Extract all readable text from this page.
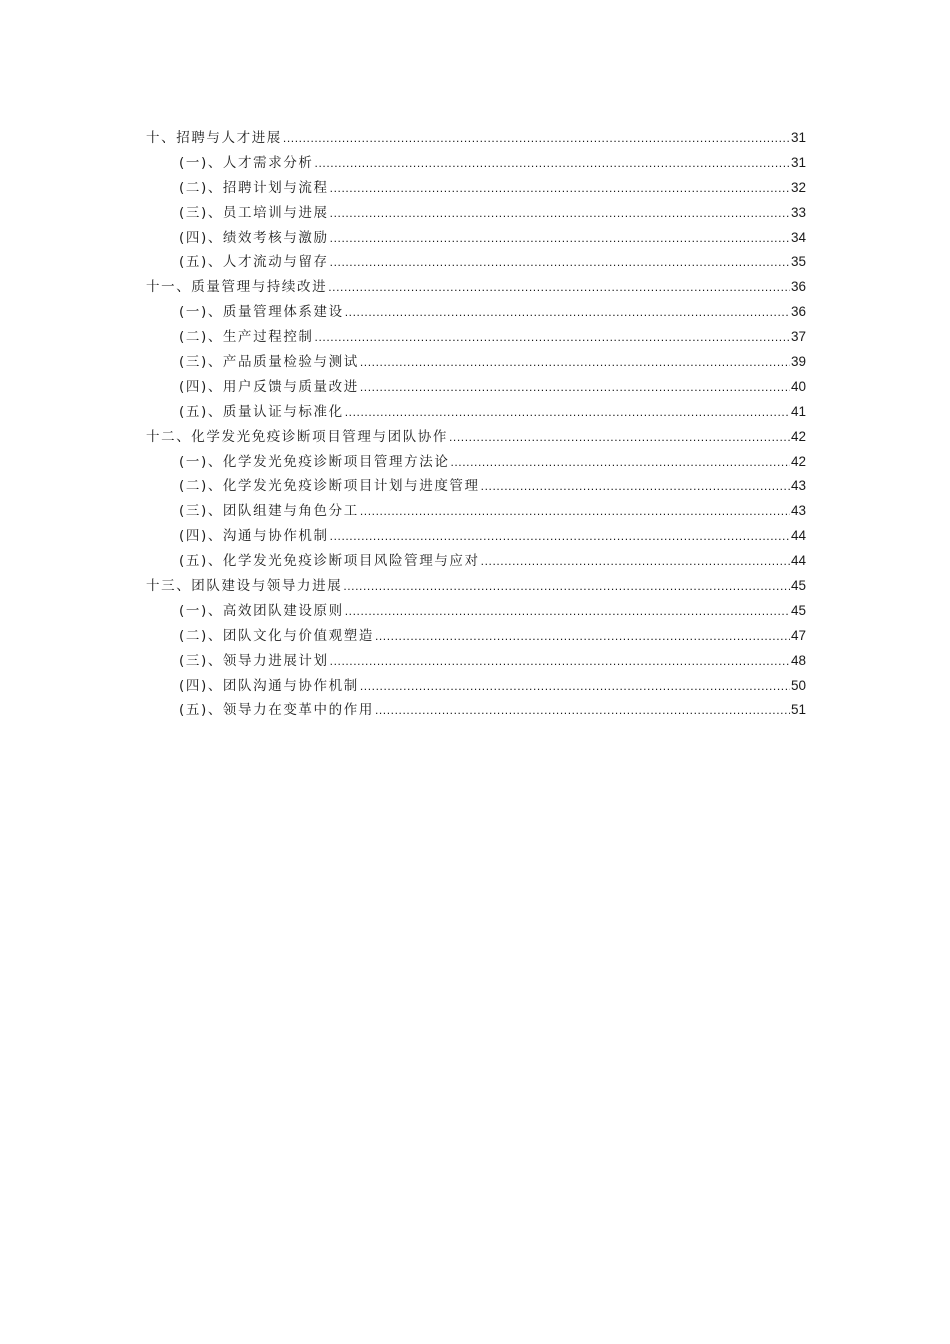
十、招聘与人才进展 .....	31
(一)、人才需求分析 .....	31
(二)、招聘计划与流程 .....	32
(三)、员工培训与进展 .....	33
(四)、绩效考核与激励 .....	34
(五)、人才流动与留存 .....	35
十一、质量管理与持续改进 .....	36
(一)、质量管理体系建设 .....	36
(二)、生产过程控制 .....	37
(三)、产品质量检验与测试 .....	39
(四)、用户反馈与质量改进 .....	40
(五)、质量认证与标准化 .....	41
十二、化学发光免疫诊断项目管理与团队协作 .....	42
(一)、化学发光免疫诊断项目管理方法论 .....	42
(二)、化学发光免疫诊断项目计划与进度管理 .....	43
(三)、团队组建与角色分工 .....	43
(四)、沟通与协作机制 .....	44
(五)、化学发光免疫诊断项目风险管理与应对 .....	44
十三、团队建设与领导力进展 .....	45
(一)、高效团队建设原则 .....	45
(二)、团队文化与价值观塑造 .....	47
(三)、领导力进展计划 .....	48
(四)、团队沟通与协作机制 .....	50
(五)、领导力在变革中的作用 .....	51
